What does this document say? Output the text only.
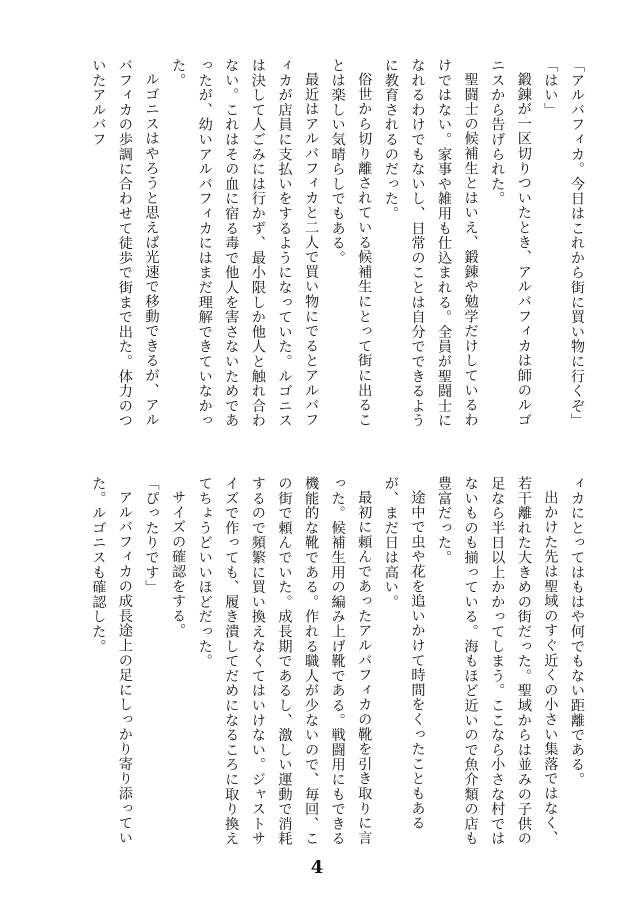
「アルバフィカ。今日はこれから街に買い物に行くぞ」

「はい」

鍛錬が一区切りついたとき、アルバフィカは師のルゴニスから告げられた。

聖闘士の候補生とはいえ、鍛錬や勉学だけしているわけではない。家事や雑用も仕込まれる。全員が聖闘士になれるわけでもないし、日常のことは自分でできるように教育されるのだった。

俗世から切り離されている候補生にとって街に出ることは楽しい気晴らしでもある。

最近はアルバフィカと二人で買い物にでるとアルバフィカが店員に支払いをするようになっていた。ルゴニスは決して人ごみには行かず、最小限しか他人と触れ合わない。これはその血に宿る毒で他人を害さないためであったが、幼いアルバフィカにはまだ理解できていなかった。

ルゴニスはやろうと思えば光速で移動できるが、アルバフィカの歩調に合わせて徒歩で街まで出た。体力のついたアルバフ

ィカにとってはもはや何でもない距離である。

出かけた先は聖域のすぐ近くの小さい集落ではなく、若干離れた大きめの街だった。聖域からは並みの子供の足なら半日以上かかってしまう。ここなら小さな村ではないものも揃っている。海もほど近いので魚介類の店も豊富だった。

途中で虫や花を追いかけて時間をくったこともあるが、まだ日は高い。

最初に頼んであったアルバフィカの靴を引き取りに言った。候補生用の編み上げ靴である。戦闘用にもできる機能的な靴である。作れる職人が少ないので、毎回、この街で頼んでいた。成長期であるし、激しい運動で消耗するので頻繁に買い換えなくてはいけない。ジャストサイズで作っても、履き潰してだめになるころに取り換えてちょうどいいほどだった。

サイズの確認をする。

「ぴったりです」

アルバフィカの成長途上の足にしっかり寄り添っていた。ルゴニスも確認した。

4
